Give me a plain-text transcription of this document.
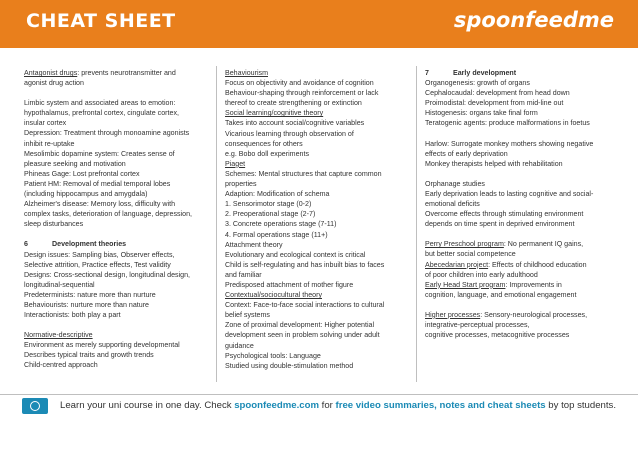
CHEAT SHEET	spoonfeedme
Antagonist drugs: prevents neurotransmitter and
agonist drug action
Limbic system and associated areas to emotion:
hypothalamus, prefrontal cortex, cingulate cortex,
insular cortex
Depression: Treatment through monoamine agonists
inhibit re-uptake
Mesolimbic dopamine system: Creates sense of
pleasure seeking and motivation
Phineas Gage: Lost prefrontal cortex
Patient HM: Removal of medial temporal lobes
(including hippocampus and amygdala)
Alzheimer's disease: Memory loss, difficulty with
complex tasks, deterioration of language, depression,
sleep disturbances
6	Development theories
Design issues: Sampling bias, Observer effects,
Selective attrition, Practice effects, Test validity
Designs: Cross-sectional design, longitudinal design,
longitudinal-sequential
Predeterminists: nature more than nurture
Behaviourists: nurture more than nature
Interactionists: both play a part
Normative-descriptive
Environment as merely supporting developmental
Describes typical traits and growth trends
Child-centred approach
Behaviourism
Focus on objectivity and avoidance of cognition
Behaviour-shaping through reinforcement or lack
thereof to create strengthening or extinction
Social learning/cognitive theory
Takes into account social/cognitive variables
Vicarious learning through observation of
consequences for others
e.g. Bobo doll experiments
Piaget
Schemes: Mental structures that capture common
properties
Adaption: Modification of schema
1. Sensorimotor stage (0-2)
2. Preoperational stage (2-7)
3. Concrete operations stage (7-11)
4. Formal operations stage (11+)
Attachment theory
Evolutionary and ecological context is critical
Child is self-regulating and has inbuilt bias to faces
and familiar
Predisposed attachment of mother figure
Contextual/sociocultural theory
Context: Face-to-face social interactions to cultural
belief systems
Zone of proximal development: Higher potential
development seen in problem solving under adult
guidance
Psychological tools: Language
Studied using double-stimulation method
7	Early development
Organogenesis: growth of organs
Cephalocaudal: development from head down
Proimodistal: development from mid-line out
Histogenesis: organs take final form
Teratogenic agents: produce malformations in foetus
Harlow: Surrogate monkey mothers showing negative
effects of early deprivation
Monkey therapists helped with rehabilitation
Orphanage studies
Early deprivation leads to lasting cognitive and social-
emotional deficits
Overcome effects through stimulating environment
depends on time spent in deprived environment
Perry Preschool program: No permanent IQ gains,
but better social competence
Abecedarian project: Effects of childhood education
of poor children into early adulthood
Early Head Start program: Improvements in
cognition, language, and emotional engagement
Higher processes: Sensory-neurological processes,
integrative-perceptual processes,
cognitive processes, metacognitive processes
Learn your uni course in one day. Check spoonfeedme.com for free video summaries, notes and cheat sheets by top students.
